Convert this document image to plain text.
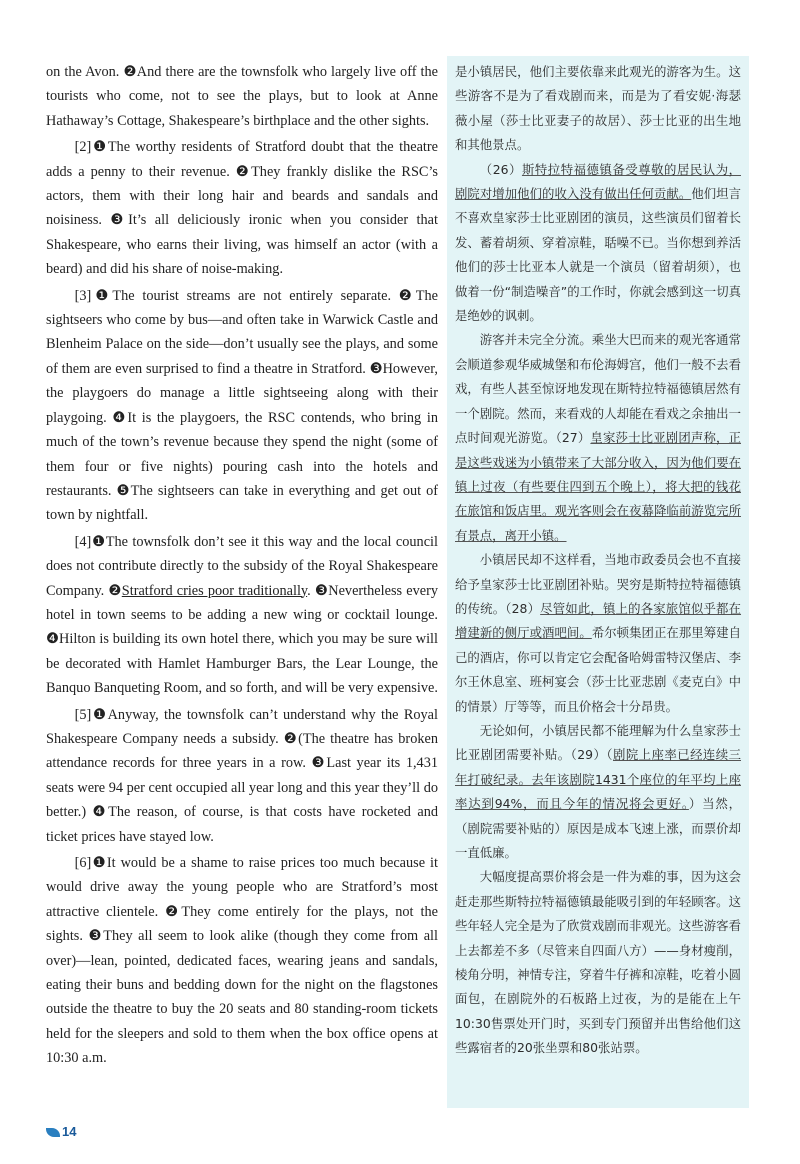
on the Avon. ❷And there are the townsfolk who largely live off the tourists who come, not to see the plays, but to look at Anne Hathaway’s Cottage, Shakespeare’s birthplace and the other sights.

[2]❶The worthy residents of Stratford doubt that the theatre adds a penny to their revenue. ❷They frankly dislike the RSC’s actors, them with their long hair and beards and sandals and noisiness. ❸It’s all deliciously ironic when you consider that Shakespeare, who earns their living, was himself an actor (with a beard) and did his share of noise-making.

[3]❶The tourist streams are not entirely separate. ❷The sightseers who come by bus—and often take in Warwick Castle and Blenheim Palace on the side—don’t usually see the plays, and some of them are even surprised to find a theatre in Stratford. ❸However, the playgoers do manage a little sightseeing along with their playgoing. ❹It is the playgoers, the RSC contends, who bring in much of the town’s revenue because they spend the night (some of them four or five nights) pouring cash into the hotels and restaurants. ❺The sightseers can take in everything and get out of town by nightfall.

[4]❶The townsfolk don’t see it this way and the local council does not contribute directly to the subsidy of the Royal Shakespeare Company. ❷Stratford cries poor traditionally. ❸Nevertheless every hotel in town seems to be adding a new wing or cocktail lounge. ❹Hilton is building its own hotel there, which you may be sure will be decorated with Hamlet Hamburger Bars, the Lear Lounge, the Banquo Banqueting Room, and so forth, and will be very expensive.

[5]❶Anyway, the townsfolk can’t understand why the Royal Shakespeare Company needs a subsidy. ❷(The theatre has broken attendance records for three years in a row. ❸Last year its 1,431 seats were 94 per cent occupied all year long and this year they’ll do better.) ❹The reason, of course, is that costs have rocketed and ticket prices have stayed low.

[6]❶It would be a shame to raise prices too much because it would drive away the young people who are Stratford’s most attractive clientele. ❷They come entirely for the plays, not the sights. ❸They all seem to look alike (though they come from all over)—lean, pointed, dedicated faces, wearing jeans and sandals, eating their buns and bedding down for the night on the flagstones outside the theatre to buy the 20 seats and 80 standing-room tickets held for the sleepers and sold to them when the box office opens at 10:30 a.m.

是小镇居民，他们主要依靠来此观光的游客为生。这些游客不是为了看戏剧而来，而是为了看安妮·海瑟薇小屋（莎士比亚妻子的故居）、莎士比亚的出生地和其他景点。

（26）斯特拉特福德镇备受尊敬的居民认为，剧院对增加他们的收入没有做出任何贡献。他们坦言不喜欢皇家莎士比亚剧团的演员，这些演员们留着长发、蓄着胡须、穿着凉鞋，聒噪不已。当你想到养活他们的莎士比亚本人就是一个演员（留着胡须），也做着一份“制造噪音”的工作时，你就会感到这一切真是绝妙的讽刺。

游客并未完全分流。乘坐大巴而来的观光客通常会顺道参观华威城堡和布伦海姆宫，他们一般不去看戏，有些人甚至惊讶地发现在斯特拉特福德镇居然有一个剧院。然而，来看戏的人却能在看戏之余抽出一点时间观光游览。（27）皇家莎士比亚剧团声称，正是这些戏迷为小镇带来了大部分收入，因为他们要在镇上过夜（有些要住四到五个晚上），将大把的钱花在旅馆和饭店里。观光客则会在夜幕降临前游览完所有景点，离开小镇。

小镇居民却不这样看，当地市政委员会也不直接给予皇家莎士比亚剧团补贴。哭穷是斯特拉特福德镇的传统。（28）尽管如此，镇上的各家旅馆似乎都在增建新的侧厅或酒吧间。希尔顿集团正在那里筹建自己的酒店，你可以肯定它会配备哈姆雷特汉堡店、李尔王休息室、班柯宴会（莎士比亚悲剧《麦克白》中的情景）厅等等，而且价格会十分昂贵。

无论如何，小镇居民都不能理解为什么皇家莎士比亚剧团需要补贴。（29）（剧院上座率已经连续三年打破纪录。去年该剧院1431个座位的年平均上座率达到94%，而且今年的情况将会更好。）当然，（剧院需要补贴的）原因是成本飞速上涨，而票价却一直低廉。

大幅度提高票价将会是一件为难的事，因为这会赶走那些斯特拉特福德镇最能吸引到的年轻顾客。这些年轻人完全是为了欣赏戏剧而非观光。这些游客看上去都差不多（尽管来自四面八方）——身材瘦削，棱角分明，神情专注，穿着牛仔裤和凉鞋，吃着小圆面包，在剧院外的石板路上过夜，为的是能在上午10:30售票处开门时，买到专门预留并出售给他们这些露宿者的20张坐票和80张站票。

14
